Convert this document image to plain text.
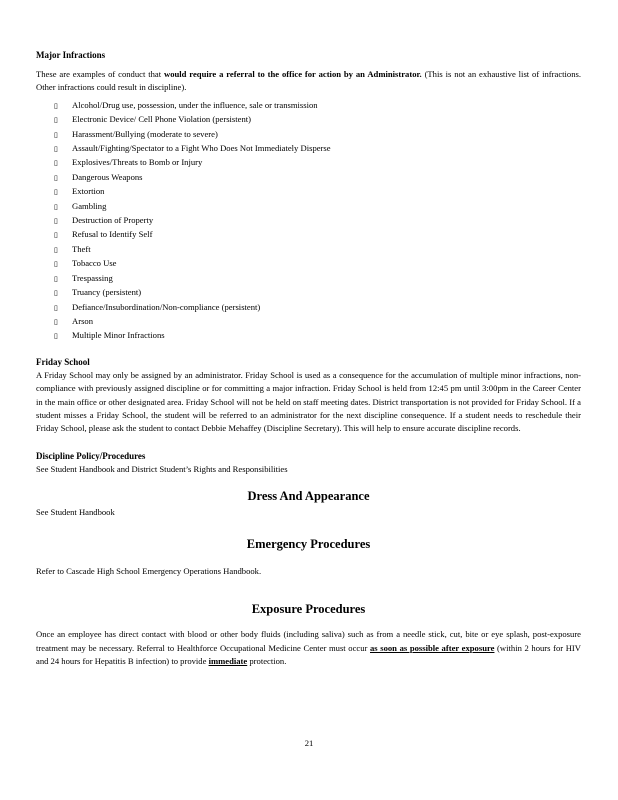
Major Infractions

These are examples of conduct that would require a referral to the office for action by an Administrator. (This is not an exhaustive list of infractions. Other infractions could result in discipline).

▯	Alcohol/Drug use, possession, under the influence, sale or transmission
▯	Electronic Device/ Cell Phone Violation (persistent)
▯	Harassment/Bullying (moderate to severe)
▯	Assault/Fighting/Spectator to a Fight Who Does Not Immediately Disperse
▯	Explosives/Threats to Bomb or Injury
▯	Dangerous Weapons
▯	Extortion
▯	Gambling
▯	Destruction of Property
▯	Refusal to Identify Self
▯	Theft
▯	Tobacco Use
▯	Trespassing
▯	Truancy (persistent)
▯	Defiance/Insubordination/Non-compliance (persistent)
▯	Arson
▯	Multiple Minor Infractions
Friday School

A Friday School may only be assigned by an administrator. Friday School is used as a consequence for the accumulation of multiple minor infractions, non-compliance with previously assigned discipline or for committing a major infraction. Friday School is held from 12:45 pm until 3:00pm in the Career Center in the main office or other designated area. Friday School will not be held on staff meeting dates. District transportation is not provided for Friday School. If a student misses a Friday School, the student will be referred to an administrator for the next discipline consequence. If a student needs to reschedule their Friday School, please ask the student to contact Debbie Mehaffey (Discipline Secretary). This will help to ensure accurate discipline records.

Discipline Policy/Procedures

See Student Handbook and District Student’s Rights and Responsibilities

Dress And Appearance

See Student Handbook

Emergency Procedures

Refer to Cascade High School Emergency Operations Handbook.

Exposure Procedures

Once an employee has direct contact with blood or other body fluids (including saliva) such as from a needle stick, cut, bite or eye splash, post-exposure treatment may be necessary. Referral to Healthforce Occupational Medicine Center must occur as soon as possible after exposure (within 2 hours for HIV and 24 hours for Hepatitis B infection) to provide immediate protection.

21
